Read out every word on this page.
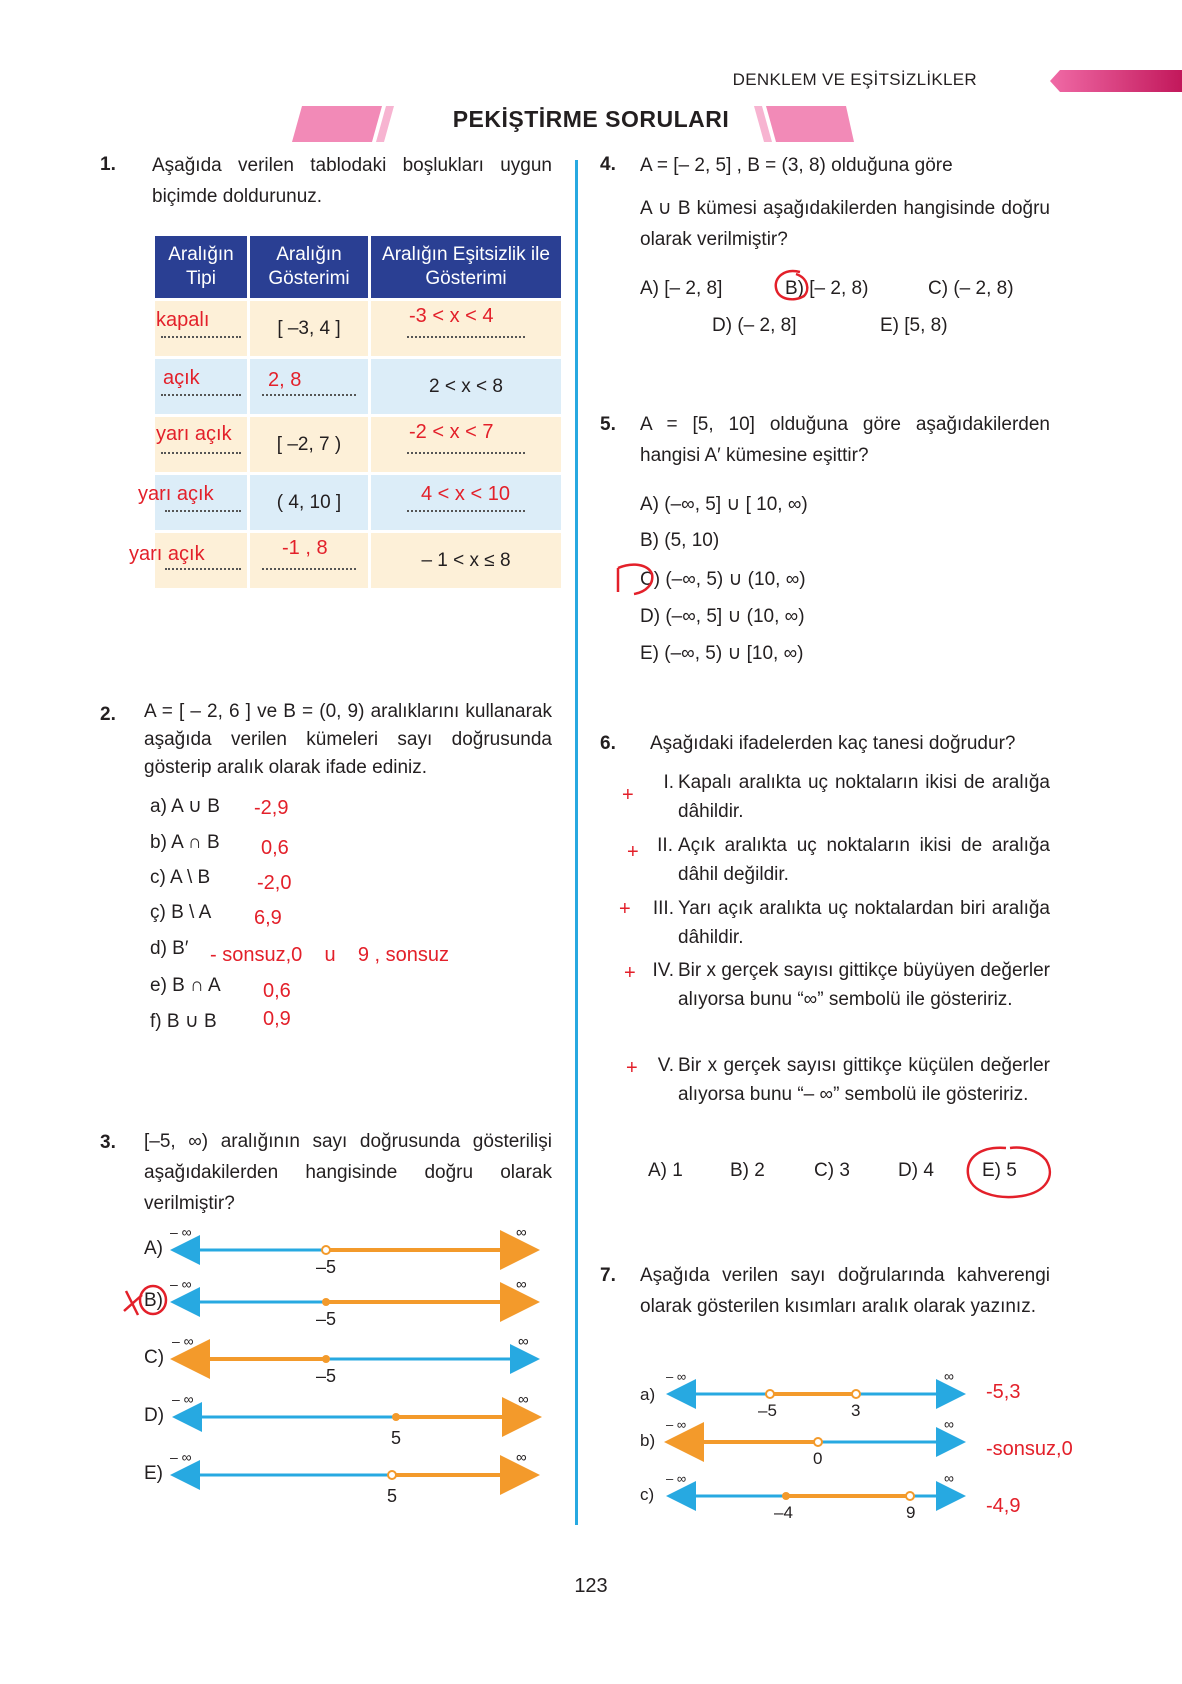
DENKLEM VE EŞİTSİZLİKLER
PEKİŞTİRME SORULARI
1. Aşağıda verilen tablodaki boşlukları uygun biçimde doldurunuz.
Aralığın Tipi	Aralığın Gösterimi	Aralığın Eşitsizlik ile Gösterimi

kapalı	[ –3, 4 ]	-3 < x < 4

açık	2, 8	2 < x < 8

yarı açık	[ –2, 7 )	-2 < x < 7

yarı açık	( 4, 10 ]	4 < x < 10

yarı açık	-1 , 8	– 1 < x ≤ 8
2. A = [ – 2, 6 ] ve B = (0, 9) aralıklarını kullanarak aşağıda verilen kümeleri sayı doğrusunda gösterip aralık olarak ifade ediniz.
a) A ∪ B -2,9
b) A ∩ B 0,6
c) A \ B -2,0
ç) B \ A 6,9
d) B′ - sonsuz,0    u    9 , sonsuz
e) B ∩ A 0,6
f) B ∪ B 0,9
3. [–5, ∞) aralığının sayı doğrusunda gösterilişi aşağıdakilerden hangisinde doğru olarak verilmiştir?
A)
– ∞	∞
–5
B)
– ∞	∞
–5
C)
– ∞	∞
–5
D)
– ∞	∞
5
E)
– ∞	∞
5
4. A = [– 2, 5] , B = (3, 8) olduğuna göre
A ∪ B kümesi aşağıdakilerden hangisinde doğru olarak verilmiştir?
A) [– 2, 8]	B) [– 2, 8)	C) (– 2, 8)
D) (– 2, 8]	E) [5, 8)
5. A = [5, 10] olduğuna göre aşağıdakilerden hangisi A′ kümesine eşittir?
A) (–∞, 5] ∪ [ 10, ∞)
B) (5, 10)
C) (–∞, 5) ∪ (10, ∞)
D) (–∞, 5] ∪ (10, ∞)
E) (–∞, 5) ∪ [10, ∞)
6. Aşağıdaki ifadelerden kaç tanesi doğrudur?
+
I. Kapalı aralıkta uç noktaların ikisi de aralığa dâhildir.
+ II. Açık aralıkta uç noktaların ikisi de aralığa dâhil değildir.
+	III. Yarı açık aralıkta uç noktalardan biri aralığa dâhildir.
+ IV. Bir x gerçek sayısı gittikçe büyüyen değerler alıyorsa bunu “∞” sembolü ile gösteririz.
+	V. Bir x gerçek sayısı gittikçe küçülen değerler alıyorsa bunu “– ∞” sembolü ile gösteririz.
A) 1 B) 2	C) 3	D) 4	E) 5
7. Aşağıda verilen sayı doğrularında kahverengi olarak gösterilen kısımları aralık olarak yazınız.
a)
– ∞	∞
–5	3
-5,3
b)
– ∞	∞
0	-sonsuz,0
c)
– ∞	∞
–4	9	-4,9
123
